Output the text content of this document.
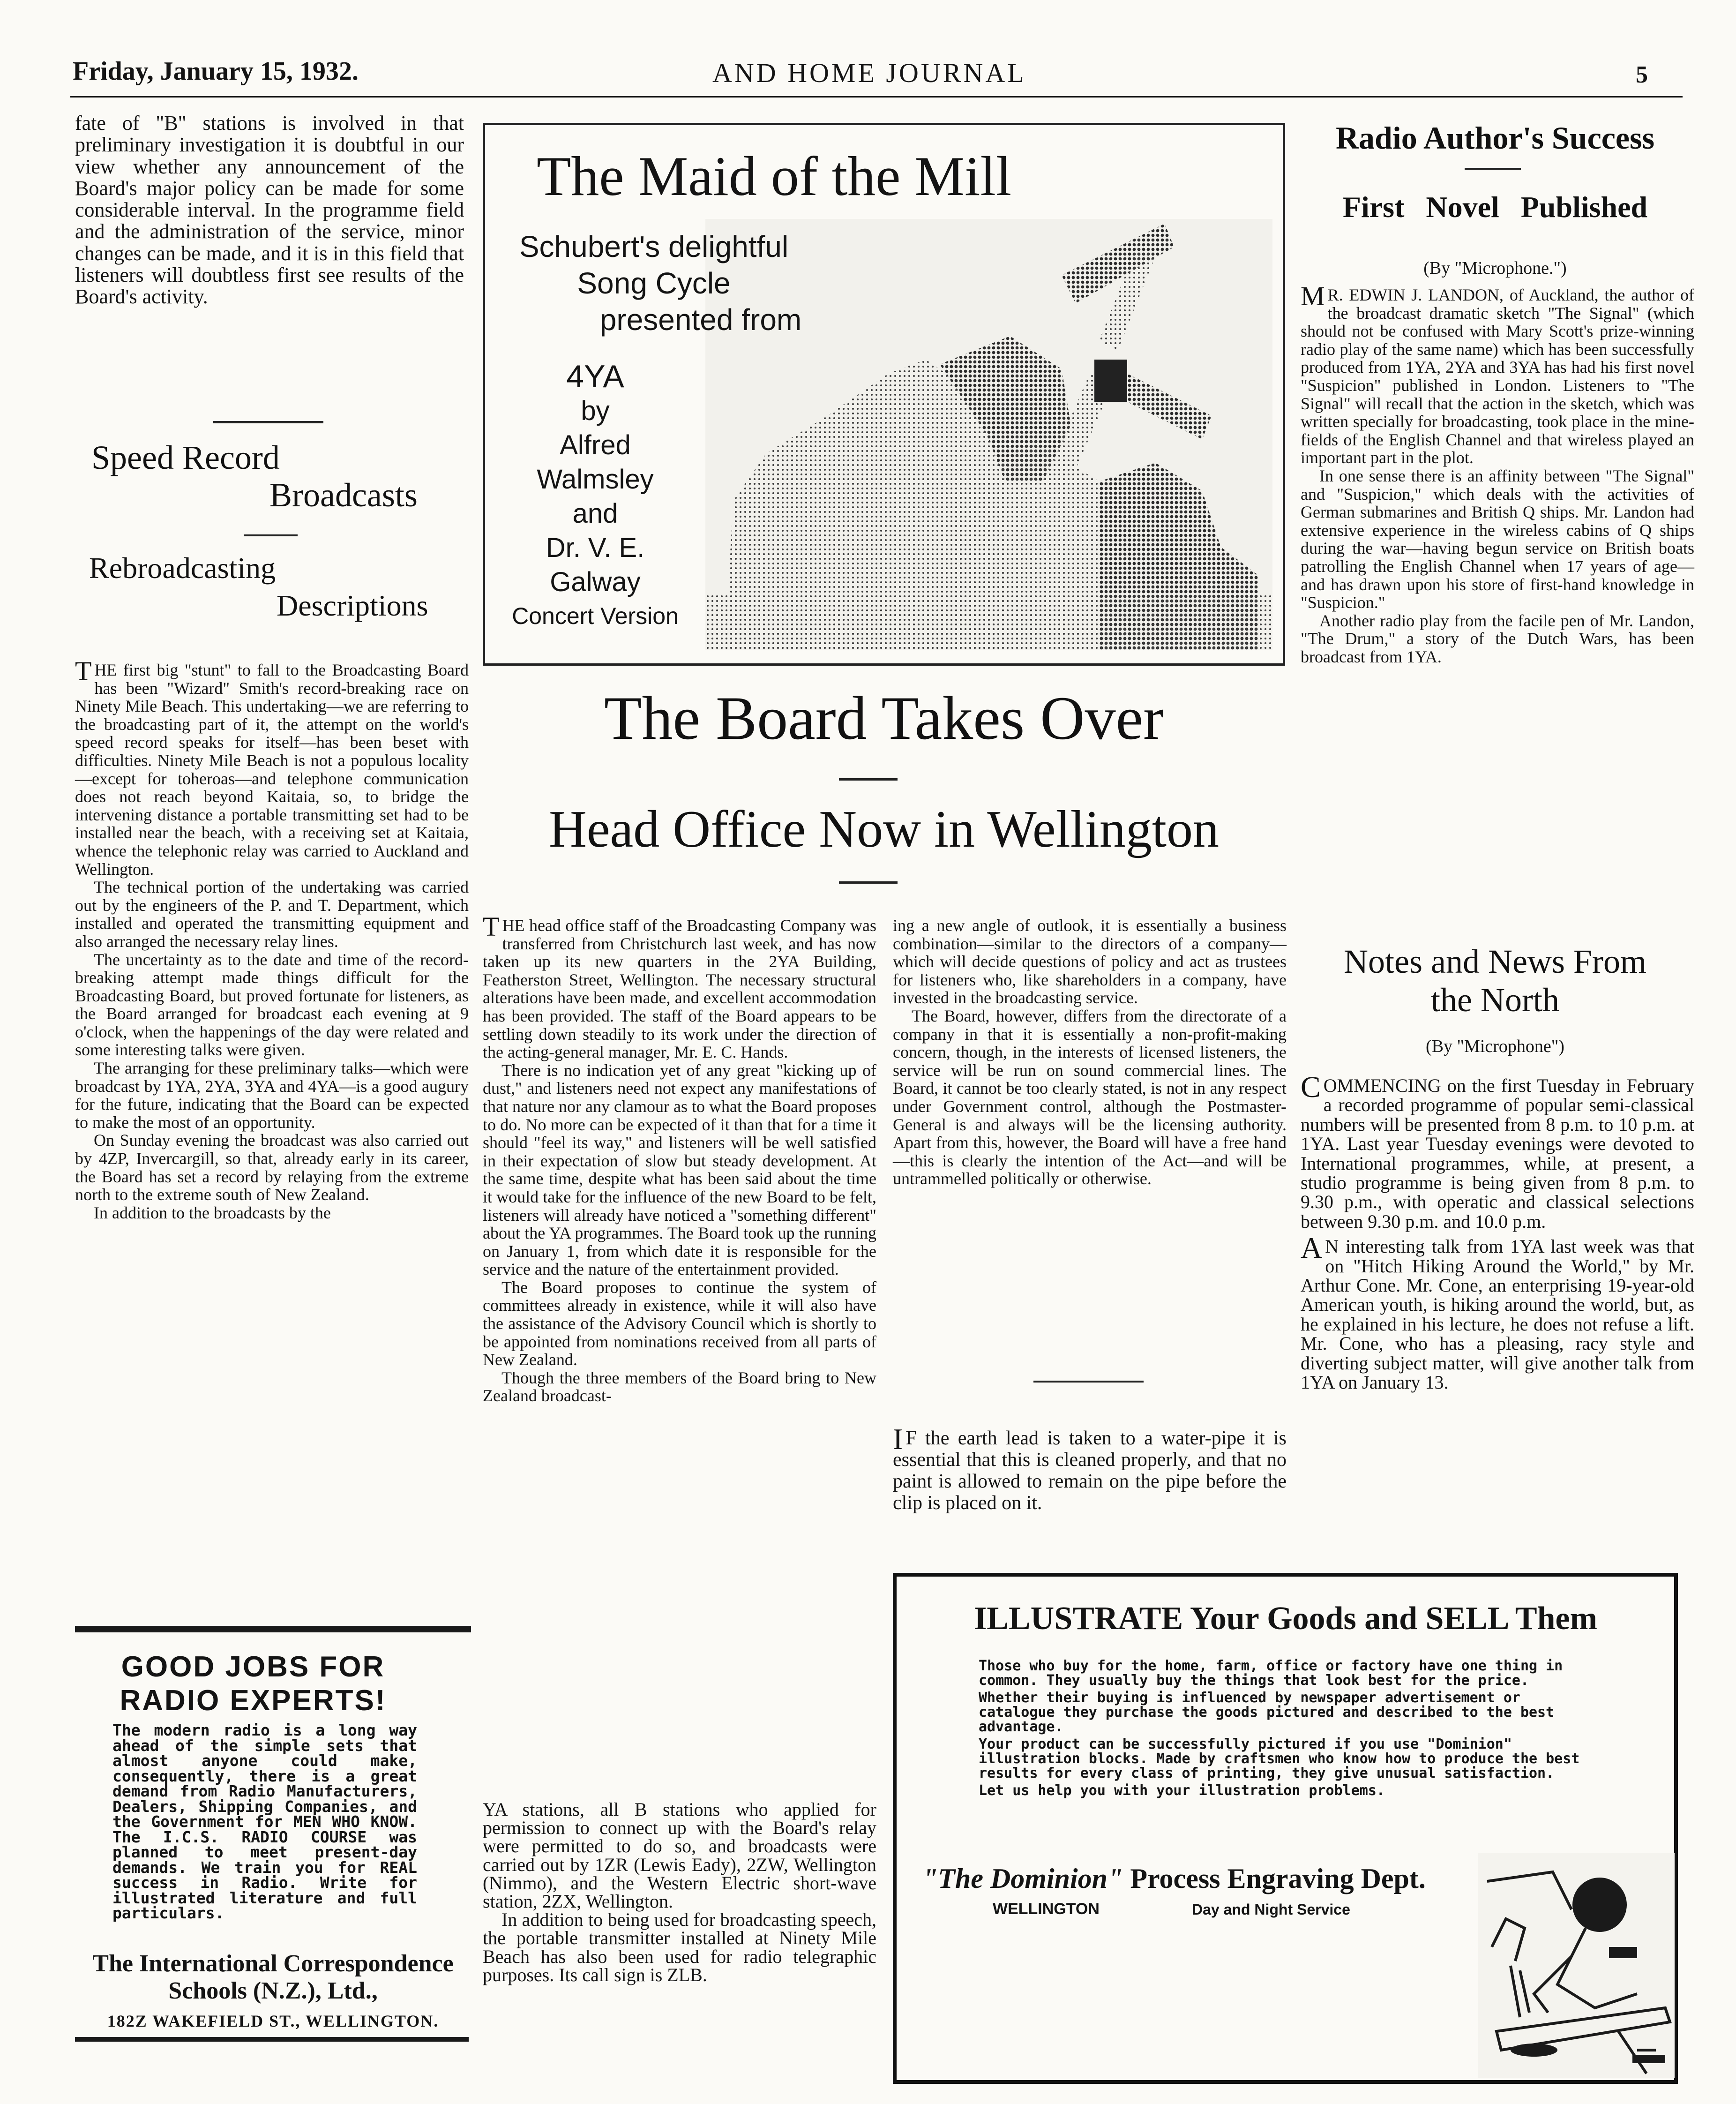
Friday, January 15, 1932.	AND HOME JOURNAL	5

fate of "B" stations is involved in that preliminary investigation it is doubtful in our view whether any announcement of the Board's major policy can be made for some considerable interval. In the programme field and the administration of the service, minor changes can be made, and it is in this field that listeners will doubtless first see results of the Board's activity.

Speed Record
Broadcasts
Rebroadcasting
Descriptions

THE first big "stunt" to fall to the Broadcasting Board has been "Wizard" Smith's record-breaking race on Ninety Mile Beach. This undertaking—we are referring to the broadcasting part of it, the attempt on the world's speed record speaks for itself—has been beset with difficulties. Ninety Mile Beach is not a populous locality—except for toheroas—and telephone communication does not reach beyond Kaitaia, so, to bridge the intervening distance a portable transmitting set had to be installed near the beach, with a receiving set at Kaitaia, whence the telephonic relay was carried to Auckland and Wellington.

The technical portion of the undertaking was carried out by the engineers of the P. and T. Department, which installed and operated the transmitting equipment and also arranged the necessary relay lines.

The uncertainty as to the date and time of the record-breaking attempt made things difficult for the Broadcasting Board, but proved fortunate for listeners, as the Board arranged for broadcast each evening at 9 o'clock, when the happenings of the day were related and some interesting talks were given.

The arranging for these preliminary talks—which were broadcast by 1YA, 2YA, 3YA and 4YA—is a good augury for the future, indicating that the Board can be expected to make the most of an opportunity.

On Sunday evening the broadcast was also carried out by 4ZP, Invercargill, so that, already early in its career, the Board has set a record by relaying from the extreme north to the extreme south of New Zealand.

In addition to the broadcasts by the

GOOD JOBS FOR
RADIO EXPERTS!
The modern radio is a long way ahead of the simple sets that almost anyone could make, consequently, there is a great demand from Radio Manufacturers, Dealers, Shipping Companies, and the Government for MEN WHO KNOW. The I.C.S. RADIO COURSE was planned to meet present-day demands. We train you for REAL success in Radio. Write for illustrated literature and full particulars.
The International Correspondence
Schools (N.Z.), Ltd.,
182Z WAKEFIELD ST., WELLINGTON.
The Maid of the Mill
Schubert's delightful
Song Cycle
presented from
4YA
by
Alfred
Walmsley
and
Dr. V. E.
Galway
Concert Version
The Board Takes Over
Head Office Now in Wellington

THE head office staff of the Broadcasting Company was transferred from Christchurch last week, and has now taken up its new quarters in the 2YA Building, Featherston Street, Wellington. The necessary structural alterations have been made, and excellent accommodation has been provided. The staff of the Board appears to be settling down steadily to its work under the direction of the acting-general manager, Mr. E. C. Hands.

There is no indication yet of any great "kicking up of dust," and listeners need not expect any manifestations of that nature nor any clamour as to what the Board proposes to do. No more can be expected of it than that for a time it should "feel its way," and listeners will be well satisfied in their expectation of slow but steady development. At the same time, despite what has been said about the time it would take for the influence of the new Board to be felt, listeners will already have noticed a "something different" about the YA programmes. The Board took up the running on January 1, from which date it is responsible for the service and the nature of the entertainment provided.

The Board proposes to continue the system of committees already in existence, while it will also have the assistance of the Advisory Council which is shortly to be appointed from nominations received from all parts of New Zealand.

Though the three members of the Board bring to New Zealand broadcast-

ing a new angle of outlook, it is essentially a business combination—similar to the directors of a company—which will decide questions of policy and act as trustees for listeners who, like shareholders in a company, have invested in the broadcasting service.

The Board, however, differs from the directorate of a company in that it is essentially a non-profit-making concern, though, in the interests of licensed listeners, the service will be run on sound commercial lines. The Board, it cannot be too clearly stated, is not in any respect under Government control, although the Postmaster-General is and always will be the licensing authority. Apart from this, however, the Board will have a free hand—this is clearly the intention of the Act—and will be untrammelled politically or otherwise.

I F the earth lead is taken to a water-pipe it is essential that this is cleaned properly, and that no paint is allowed to remain on the pipe before the clip is placed on it.

YA stations, all B stations who applied for permission to connect up with the Board's relay were permitted to do so, and broadcasts were carried out by 1ZR (Lewis Eady), 2ZW, Wellington (Nimmo), and the Western Electric short-wave station, 2ZX, Wellington.

In addition to being used for broadcasting speech, the portable transmitter installed at Ninety Mile Beach has also been used for radio telegraphic purposes. Its call sign is ZLB.

Radio Author's Success
First Novel Published
(By "Microphone.")

M R. EDWIN J. LANDON, of Auckland, the author of the broadcast dramatic sketch "The Signal" (which should not be confused with Mary Scott's prize-winning radio play of the same name) which has been successfully produced from 1YA, 2YA and 3YA has had his first novel "Suspicion" published in London. Listeners to "The Signal" will recall that the action in the sketch, which was written specially for broadcasting, took place in the mine-fields of the English Channel and that wireless played an important part in the plot.

In one sense there is an affinity between "The Signal" and "Suspicion," which deals with the activities of German submarines and British Q ships. Mr. Landon had extensive experience in the wireless cabins of Q ships during the war—having begun service on British boats patrolling the English Channel when 17 years of age—and has drawn upon his store of first-hand knowledge in "Suspicion."

Another radio play from the facile pen of Mr. Landon, "The Drum," a story of the Dutch Wars, has been broadcast from 1YA.

Notes and News From
the North
(By "Microphone")

COMMENCING on the first Tuesday in February a recorded programme of popular semi-classical numbers will be presented from 8 p.m. to 10 p.m. at 1YA. Last year Tuesday evenings were devoted to International programmes, while, at present, a studio programme is being given from 8 p.m. to 9.30 p.m., with operatic and classical selections between 9.30 p.m. and 10.0 p.m.

A N interesting talk from 1YA last week was that on "Hitch Hiking Around the World," by Mr. Arthur Cone. Mr. Cone, an enterprising 19-year-old American youth, is hiking around the world, but, as he explained in his lecture, he does not refuse a lift. Mr. Cone, who has a pleasing, racy style and diverting subject matter, will give another talk from 1YA on January 13.

ILLUSTRATE Your Goods and SELL Them
Those who buy for the home, farm, office or factory have one thing in common. They usually buy the things that look best for the price.
Whether their buying is influenced by newspaper advertisement or catalogue they purchase the goods pictured and described to the best advantage.
Your product can be successfully pictured if you use "Dominion" illustration blocks. Made by craftsmen who know how to produce the best results for every class of printing, they give unusual satisfaction.
Let us help you with your illustration problems.
"The Dominion" Process Engraving Dept.
WELLINGTON	Day and Night Service
